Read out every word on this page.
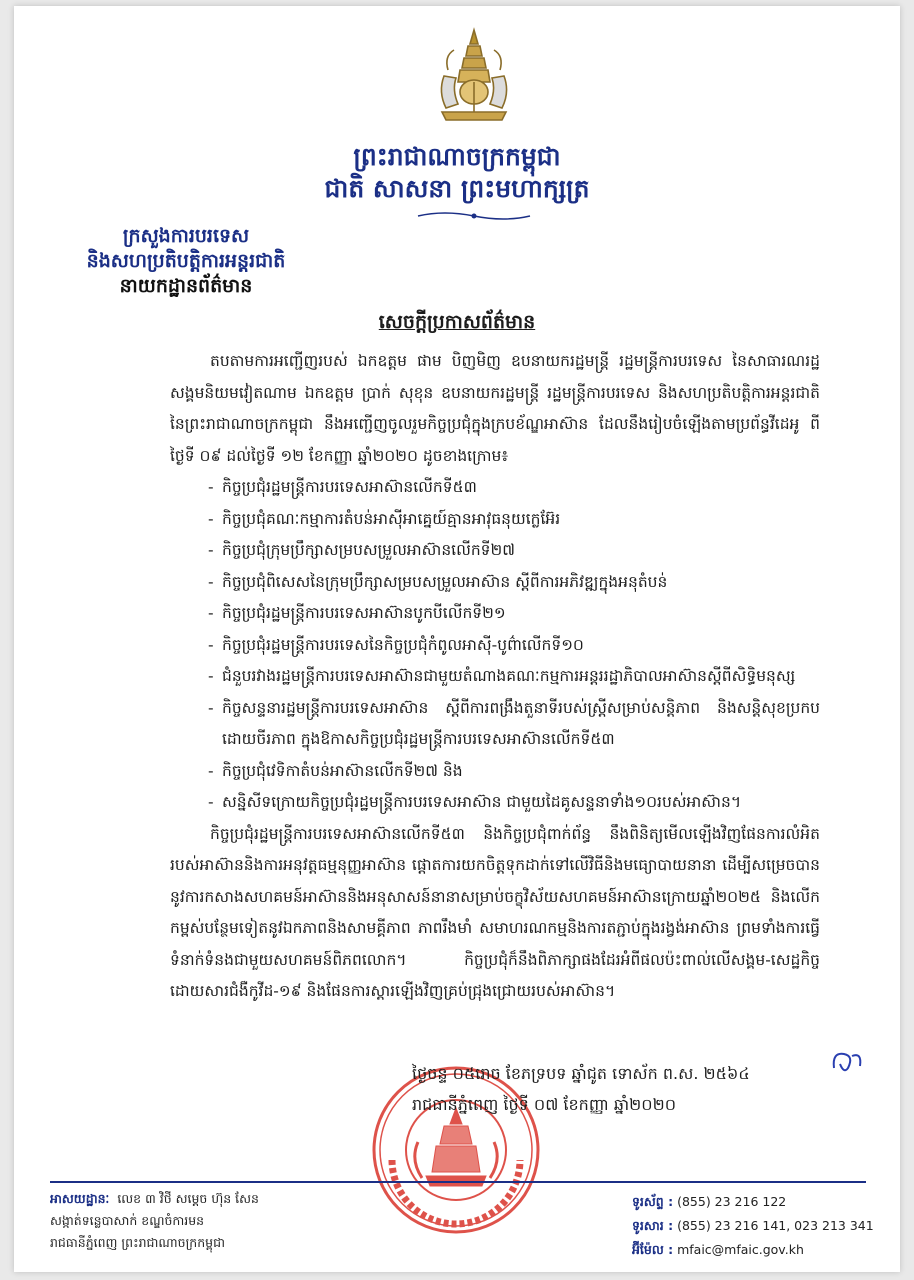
ព្រះរាជាណាចក្រកម្ពុជា
ជាតិ សាសនា ព្រះមហាក្សត្រ
ក្រសួងការបរទេស
និងសហប្រតិបត្តិការអន្តរជាតិ
នាយកដ្ឋានព័ត៌មាន
សេចក្តីប្រកាសព័ត៌មាន

តបតាមការអញ្ជើញរបស់ ឯកឧត្តម ផាម បិញមិញ ឧបនាយករដ្ឋមន្ត្រី រដ្ឋមន្ត្រីការបរទេស នៃសាធារណរដ្ឋសង្គមនិយមវៀតណាម ឯកឧត្តម ប្រាក់ សុខុន ឧបនាយករដ្ឋមន្ត្រី រដ្ឋមន្ត្រីការបរទេស និងសហប្រតិបត្តិការអន្តរជាតិ នៃព្រះរាជាណាចក្រកម្ពុជា នឹងអញ្ជើញចូលរួមកិច្ចប្រជុំក្នុងក្របខ័ណ្ឌអាស៊ាន ដែលនឹងរៀបចំឡើងតាមប្រព័ន្ធវីដេអូ ពីថ្ងៃទី ០៩ ដល់ថ្ងៃទី ១២ ខែកញ្ញា ឆ្នាំ២០២០ ដូចខាងក្រោម៖

- កិច្ចប្រជុំរដ្ឋមន្ត្រីការបរទេសអាស៊ានលើកទី៥៣
- កិច្ចប្រជុំគណៈកម្មាការតំបន់អាស៊ីអាគ្នេយ៍គ្មានអាវុធនុយក្លេអ៊ែរ
- កិច្ចប្រជុំក្រុមប្រឹក្សាសម្របសម្រួលអាស៊ានលើកទី២៧
- កិច្ចប្រជុំពិសេសនៃក្រុមប្រឹក្សាសម្របសម្រួលអាស៊ាន ស្តីពីការអភិវឌ្ឍក្នុងអនុតំបន់
- កិច្ចប្រជុំរដ្ឋមន្ត្រីការបរទេសអាស៊ានបូកបីលើកទី២១
- កិច្ចប្រជុំរដ្ឋមន្ត្រីការបរទេសនៃកិច្ចប្រជុំកំពូលអាស៊ី-បូព៌ាលើកទី១០
- ជំនួបរវាងរដ្ឋមន្ត្រីការបរទេសអាស៊ានជាមួយតំណាងគណៈកម្មការអន្តររដ្ឋាភិបាលអាស៊ានស្តីពីសិទ្ធិមនុស្ស
- កិច្ចសន្ទនារដ្ឋមន្ត្រីការបរទេសអាស៊ាន ស្តីពីការពង្រឹងតួនាទីរបស់ស្ត្រីសម្រាប់សន្តិភាព និងសន្តិសុខប្រកបដោយចីរភាព ក្នុងឱកាសកិច្ចប្រជុំរដ្ឋមន្ត្រីការបរទេសអាស៊ានលើកទី៥៣
- កិច្ចប្រជុំវេទិកាតំបន់អាស៊ានលើកទី២៧ និង
- សន្និសីទក្រោយកិច្ចប្រជុំរដ្ឋមន្ត្រីការបរទេសអាស៊ាន ជាមួយដៃគូសន្ទនាទាំង១០របស់អាស៊ាន។

កិច្ចប្រជុំរដ្ឋមន្ត្រីការបរទេសអាស៊ានលើកទី៥៣ និងកិច្ចប្រជុំពាក់ព័ន្ធ នឹងពិនិត្យមើលឡើងវិញផែនការលំអិតរបស់អាស៊ាននិងការអនុវត្តធម្មនុញ្ញអាស៊ាន ផ្តោតការយកចិត្តទុកដាក់ទៅលើវិធីនិងមធ្យោបាយនានា ដើម្បីសម្រេចបាននូវការកសាងសហគមន៍អាស៊ាននិងអនុសាសន៍នានាសម្រាប់ចក្ខុវិស័យសហគមន៍អាស៊ានក្រោយឆ្នាំ២០២៥ និងលើកកម្ពស់បន្ថែមទៀតនូវឯកភាពនិងសាមគ្គីភាព ភាពរឹងមាំ សមាហរណកម្មនិងការតភ្ជាប់ក្នុងរង្វង់អាស៊ាន ព្រមទាំងការធ្វើទំនាក់ទំនងជាមួយសហគមន៍ពិភពលោក។ កិច្ចប្រជុំក៏នឹងពិភាក្សាផងដែរអំពីផលប៉ះពាល់លើសង្គម-សេដ្ឋកិច្ចដោយសារជំងឺកូវីដ-១៩ និងផែនការស្តារឡើងវិញគ្រប់ជ្រុងជ្រោយរបស់អាស៊ាន។

ថ្ងៃចន្ទ ០៥រោច ខែភទ្របទ ឆ្នាំជូត ទោស័ក ព.ស. ២៥៦៤
រាជធានីភ្នំពេញ ថ្ងៃទី ០៧ ខែកញ្ញា ឆ្នាំ២០២០
អាសយដ្ឋានៈ លេខ ៣ វិថី សម្តេច ហ៊ុន សែន
សង្កាត់ទន្លេបាសាក់ ខណ្ឌចំការមន
រាជធានីភ្នំពេញ ព្រះរាជាណាចក្រកម្ពុជា
ទូរស័ព្ទ : (855) 23 216 122
ទូរសារ : (855) 23 216 141, 023 213 341
អ៊ីម៉ែល : mfaic@mfaic.gov.kh
